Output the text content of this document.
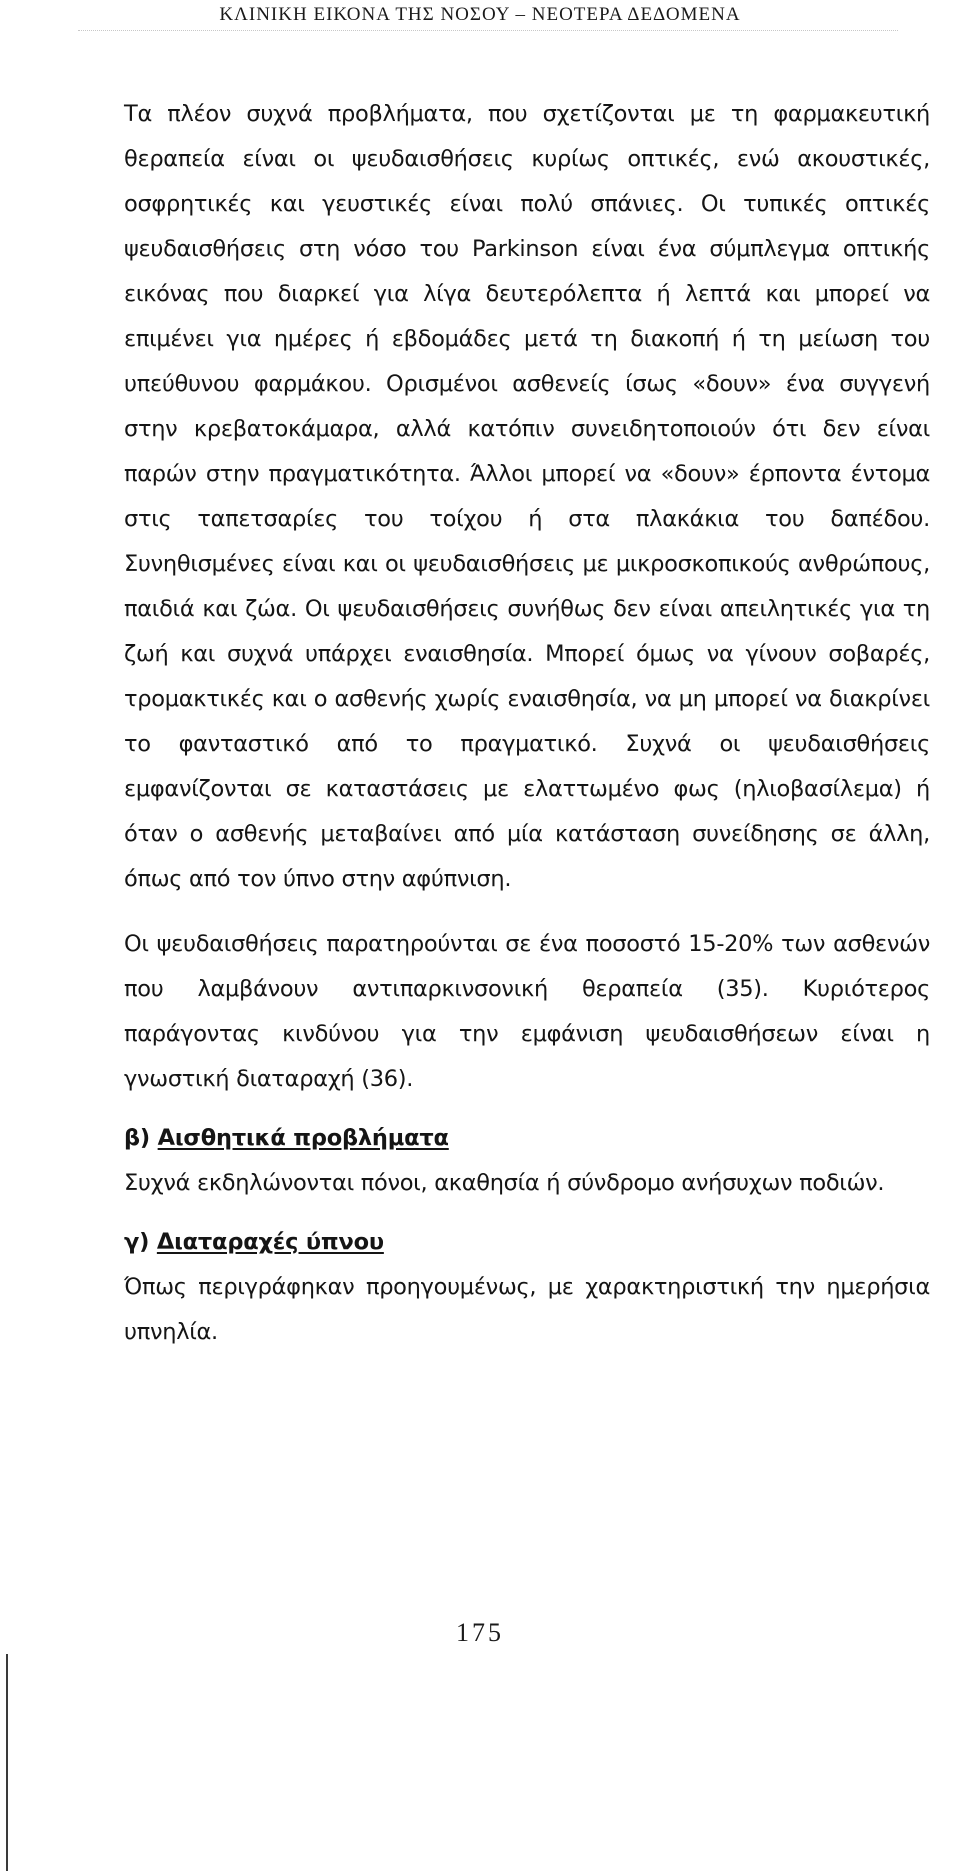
ΚΛΙΝΙΚΗ ΕΙΚΟΝΑ ΤΗΣ ΝΟΣΟΥ – ΝΕΟΤΕΡΑ ΔΕΔΟΜΕΝΑ

Τα πλέον συχνά προβλήματα, που σχετίζονται με τη φαρμακευτική θεραπεία είναι οι ψευδαισθήσεις κυρίως οπτικές, ενώ ακουστικές, οσφρητικές και γευστικές είναι πολύ σπάνιες. Οι τυπικές οπτικές ψευδαισθήσεις στη νόσο του Parkinson είναι ένα σύμπλεγμα οπτικής εικόνας που διαρκεί για λίγα δευτερόλεπτα ή λεπτά και μπορεί να επιμένει για ημέρες ή εβδομάδες μετά τη διακοπή ή τη μείωση του υπεύθυνου φαρμάκου. Ορισμένοι ασθενείς ίσως «δουν» ένα συγγενή στην κρεβατοκάμαρα, αλλά κατόπιν συνειδητοποιούν ότι δεν είναι παρών στην πραγματικότητα. Άλλοι μπορεί να «δουν» έρποντα έντομα στις ταπετσαρίες του τοίχου ή στα πλακάκια του δαπέδου. Συνηθισμένες είναι και οι ψευδαισθήσεις με μικροσκοπικούς ανθρώπους, παιδιά και ζώα. Οι ψευδαισθήσεις συνήθως δεν είναι απειλητικές για τη ζωή και συχνά υπάρχει εναισθησία. Μπορεί όμως να γίνουν σοβαρές, τρομακτικές και ο ασθενής χωρίς εναισθησία, να μη μπορεί να διακρίνει το φανταστικό από το πραγματικό. Συχνά οι ψευδαισθήσεις εμφανίζονται σε καταστάσεις με ελαττωμένο φως (ηλιοβασίλεμα) ή όταν ο ασθενής μεταβαίνει από μία κατάσταση συνείδησης σε άλλη, όπως από τον ύπνο στην αφύπνιση.

Οι ψευδαισθήσεις παρατηρούνται σε ένα ποσοστό 15-20% των ασθενών που λαμβάνουν αντιπαρκινσονική θεραπεία (35). Κυριότερος παράγοντας κινδύνου για την εμφάνιση ψευδαισθήσεων είναι η γνωστική διαταραχή (36).

β) Αισθητικά προβλήματα

Συχνά εκδηλώνονται πόνοι, ακαθησία ή σύνδρομο ανήσυχων ποδιών.

γ) Διαταραχές ύπνου

Όπως περιγράφηκαν προηγουμένως, με χαρακτηριστική την ημερήσια υπνηλία.

175
